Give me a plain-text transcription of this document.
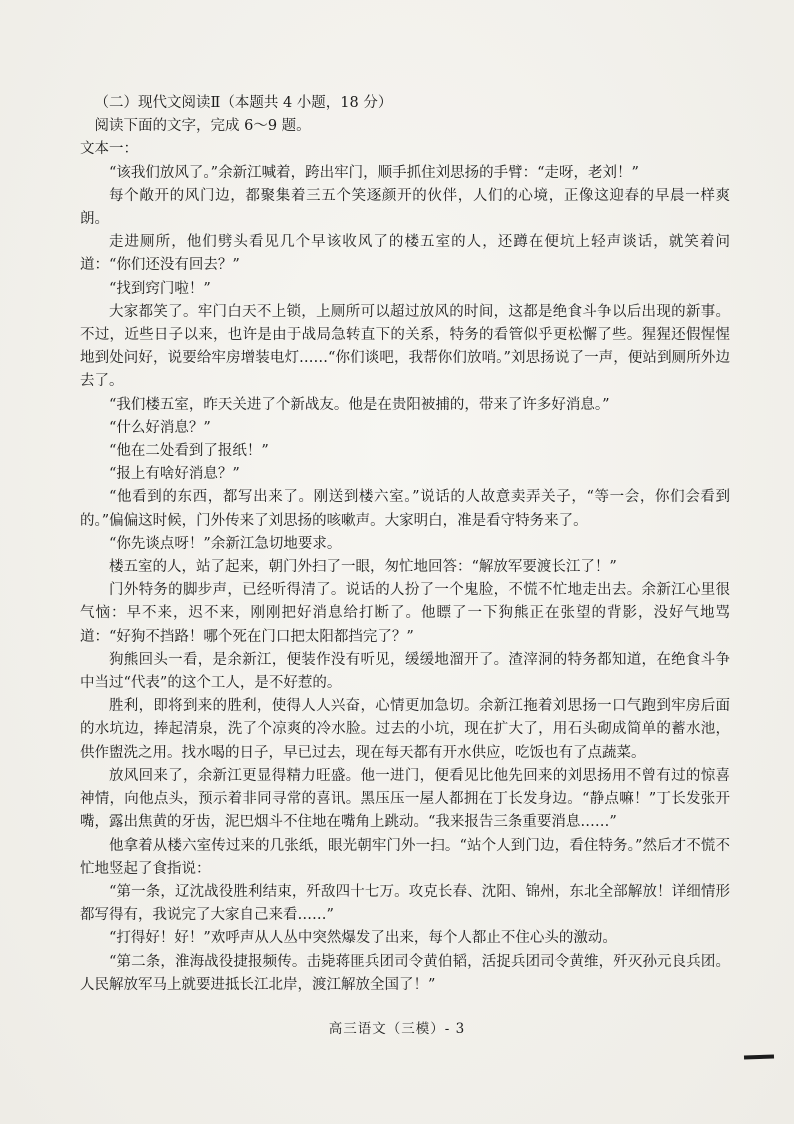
（二）现代文阅读Ⅱ（本题共 4 小题，18 分）

阅读下面的文字，完成 6～9 题。

文本一：

“该我们放风了。”余新江喊着，跨出牢门，顺手抓住刘思扬的手臂：“走呀，老刘！”

每个敞开的风门边，都聚集着三五个笑逐颜开的伙伴，人们的心境，正像这迎春的早晨一样爽朗。

走进厕所，他们劈头看见几个早该收风了的楼五室的人，还蹲在便坑上轻声谈话，就笑着问道：“你们还没有回去？”

“找到窍门啦！”

大家都笑了。牢门白天不上锁，上厕所可以超过放风的时间，这都是绝食斗争以后出现的新事。不过，近些日子以来，也许是由于战局急转直下的关系，特务的看管似乎更松懈了些。猩猩还假惺惺地到处问好，说要给牢房增装电灯……“你们谈吧，我帮你们放哨。”刘思扬说了一声，便站到厕所外边去了。

“我们楼五室，昨天关进了个新战友。他是在贵阳被捕的，带来了许多好消息。”

“什么好消息？”

“他在二处看到了报纸！”

“报上有啥好消息？”

“他看到的东西，都写出来了。刚送到楼六室。”说话的人故意卖弄关子，“等一会，你们会看到的。”偏偏这时候，门外传来了刘思扬的咳嗽声。大家明白，准是看守特务来了。

“你先谈点呀！”余新江急切地要求。

楼五室的人，站了起来，朝门外扫了一眼，匆忙地回答：“解放军要渡长江了！”

门外特务的脚步声，已经听得清了。说话的人扮了一个鬼脸，不慌不忙地走出去。余新江心里很气恼：早不来，迟不来，刚刚把好消息给打断了。他瞟了一下狗熊正在张望的背影，没好气地骂道：“好狗不挡路！哪个死在门口把太阳都挡完了？”

狗熊回头一看，是余新江，便装作没有听见，缓缓地溜开了。渣滓洞的特务都知道，在绝食斗争中当过“代表”的这个工人，是不好惹的。

胜利，即将到来的胜利，使得人人兴奋，心情更加急切。余新江拖着刘思扬一口气跑到牢房后面的水坑边，捧起清泉，洗了个凉爽的冷水脸。过去的小坑，现在扩大了，用石头砌成简单的蓄水池，供作盥洗之用。找水喝的日子，早已过去，现在每天都有开水供应，吃饭也有了点蔬菜。

放风回来了，余新江更显得精力旺盛。他一进门，便看见比他先回来的刘思扬用不曾有过的惊喜神情，向他点头，预示着非同寻常的喜讯。黑压压一屋人都拥在丁长发身边。“静点嘛！”丁长发张开嘴，露出焦黄的牙齿，泥巴烟斗不住地在嘴角上跳动。“我来报告三条重要消息……”

他拿着从楼六室传过来的几张纸，眼光朝牢门外一扫。“站个人到门边，看住特务。”然后才不慌不忙地竖起了食指说：

“第一条，辽沈战役胜利结束，歼敌四十七万。攻克长春、沈阳、锦州，东北全部解放！详细情形都写得有，我说完了大家自己来看……”

“打得好！好！”欢呼声从人丛中突然爆发了出来，每个人都止不住心头的激动。

“第二条，淮海战役捷报频传。击毙蒋匪兵团司令黄伯韬，活捉兵团司令黄维，歼灭孙元良兵团。人民解放军马上就要进抵长江北岸，渡江解放全国了！”

高三语文（三模）- 3
